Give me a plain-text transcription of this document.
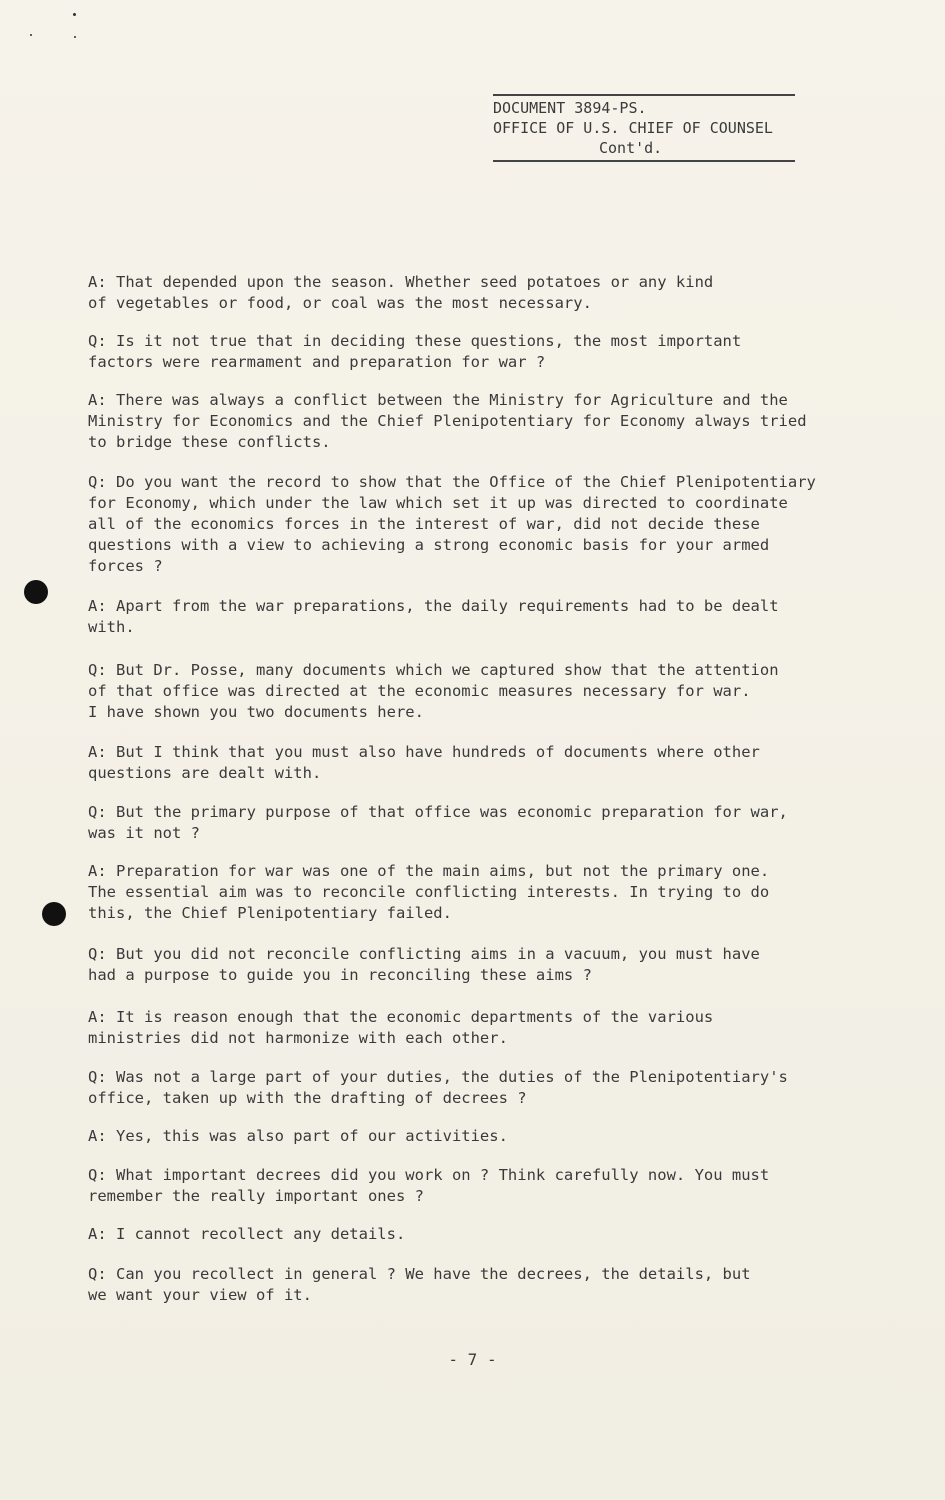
DOCUMENT 3894-PS.
OFFICE OF U.S. CHIEF OF COUNSEL
Cont'd.
A: That depended upon the season. Whether seed potatoes or any kind
of vegetables or food, or coal was the most necessary.
Q: Is it not true that in deciding these questions, the most important
factors were rearmament and preparation for war ?
A: There was always a conflict between the Ministry for Agriculture and the
Ministry for Economics and the Chief Plenipotentiary for Economy always tried
to bridge these conflicts.
Q: Do you want the record to show that the Office of the Chief Plenipotentiary
for Economy, which under the law which set it up was directed to coordinate
all of the economics forces in the interest of war, did not decide these
questions with a view to achieving a strong economic basis for your armed
forces ?
A: Apart from the war preparations, the daily requirements had to be dealt
with.
Q: But Dr. Posse, many documents which we captured show that the attention
of that office was directed at the economic measures necessary for war.
I have shown you two documents here.
A: But I think that you must also have hundreds of documents where other
questions are dealt with.
Q: But the primary purpose of that office was economic preparation for war,
was it not ?
A: Preparation for war was one of the main aims, but not the primary one.
The essential aim was to reconcile conflicting interests. In trying to do
this, the Chief Plenipotentiary failed.
Q: But you did not reconcile conflicting aims in a vacuum, you must have
had a purpose to guide you in reconciling these aims ?
A: It is reason enough that the economic departments of the various
ministries did not harmonize with each other.
Q: Was not a large part of your duties, the duties of the Plenipotentiary's
office, taken up with the drafting of decrees ?
A: Yes, this was also part of our activities.
Q: What important decrees did you work on ? Think carefully now. You must
remember the really important ones ?
A: I cannot recollect any details.
Q: Can you recollect in general ? We have the decrees, the details, but
we want your view of it.
- 7 -
